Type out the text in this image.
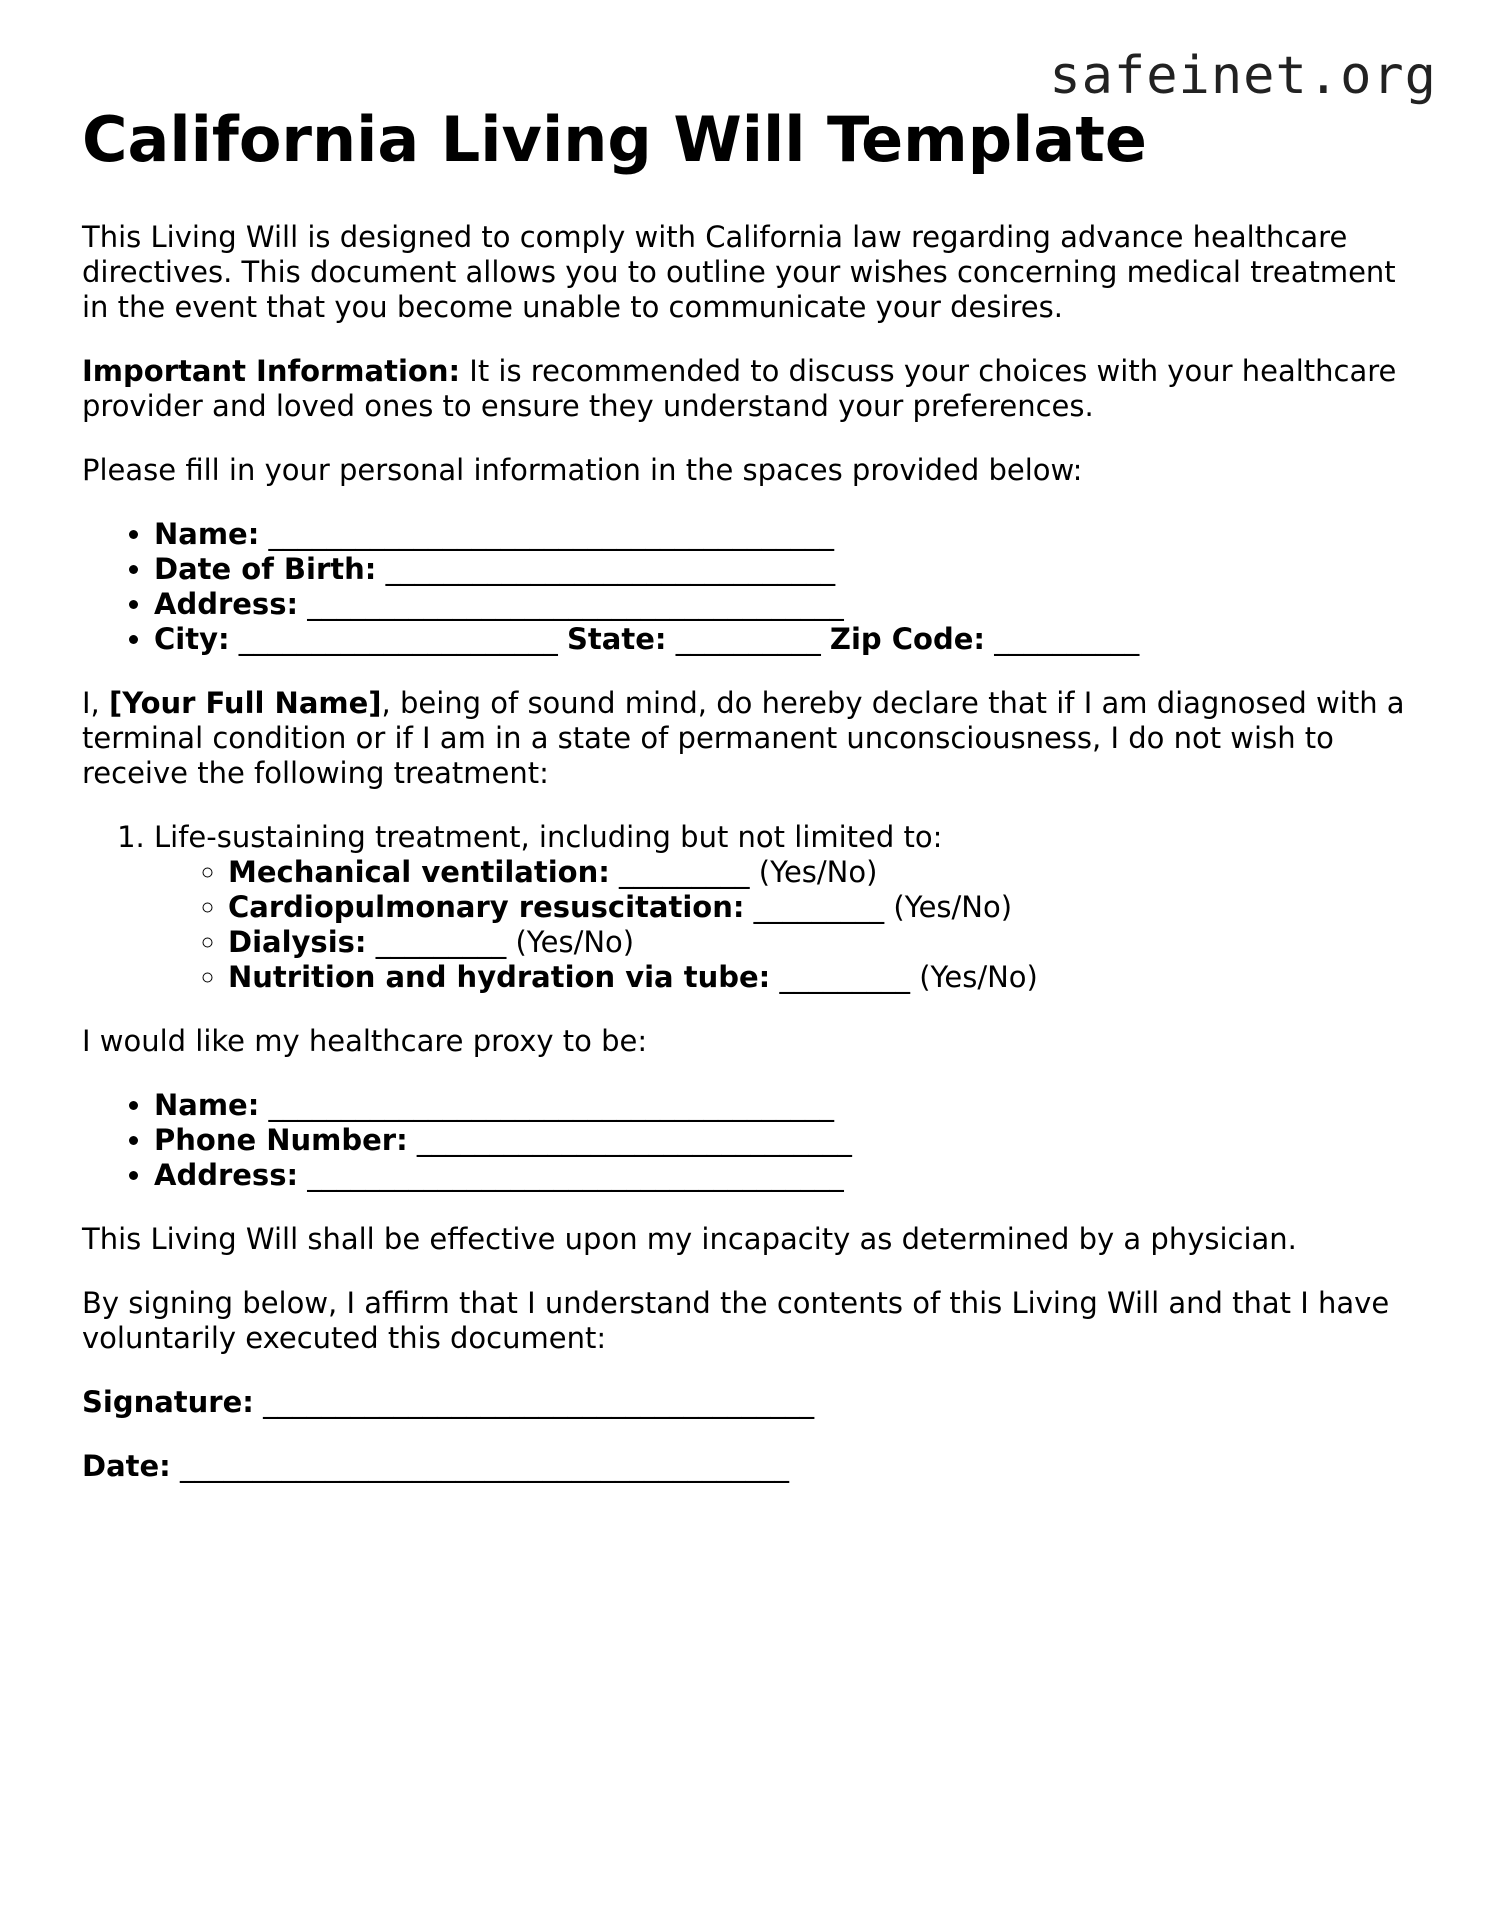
safeinet.org
California Living Will Template

This Living Will is designed to comply with California law regarding advance healthcare directives. This document allows you to outline your wishes concerning medical treatment in the event that you become unable to communicate your desires.

Important Information: It is recommended to discuss your choices with your healthcare provider and loved ones to ensure they understand your preferences.

Please fill in your personal information in the spaces provided below:

• Name: _______________________________________
• Date of Birth: _______________________________
• Address: _____________________________________
• City: ______________________ State: __________ Zip Code: __________

I, [Your Full Name], being of sound mind, do hereby declare that if I am diagnosed with a terminal condition or if I am in a state of permanent unconsciousness, I do not wish to receive the following treatment:

1. Life-sustaining treatment, including but not limited to:
◦ Mechanical ventilation: _________ (Yes/No)
◦ Cardiopulmonary resuscitation: _________ (Yes/No)
◦ Dialysis: _________ (Yes/No)
◦ Nutrition and hydration via tube: _________ (Yes/No)

I would like my healthcare proxy to be:

• Name: _______________________________________
• Phone Number: ______________________________
• Address: _____________________________________

This Living Will shall be effective upon my incapacity as determined by a physician.

By signing below, I affirm that I understand the contents of this Living Will and that I have voluntarily executed this document:

Signature: ______________________________________

Date: __________________________________________
